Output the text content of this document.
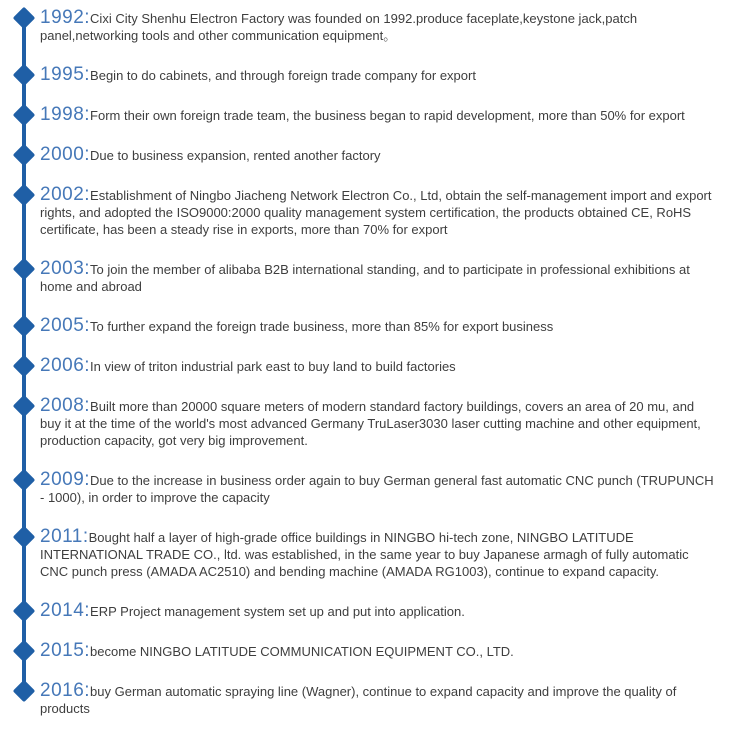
1992:Cixi City Shenhu Electron Factory was founded on 1992.produce faceplate,keystone jack,patch panel,networking tools and other communication equipment。

1995:Begin to do cabinets, and through foreign trade company for export

1998:Form their own foreign trade team, the business began to rapid development, more than 50% for export

2000:Due to business expansion, rented another factory

2002:Establishment of Ningbo Jiacheng Network Electron Co., Ltd, obtain the self-management import and export rights, and adopted the ISO9000:2000 quality management system certification, the products obtained CE, RoHS certificate, has been a steady rise in exports, more than 70% for export

2003:To join the member of alibaba B2B international standing, and to participate in professional exhibitions at home and abroad

2005:To further expand the foreign trade business, more than 85% for export business

2006:In view of triton industrial park east to buy land to build factories

2008:Built more than 20000 square meters of modern standard factory buildings, covers an area of 20 mu, and buy it at the time of the world's most advanced Germany TruLaser3030 laser cutting machine and other equipment, production capacity, got very big improvement.

2009:Due to the increase in business order again to buy German general fast automatic CNC punch (TRUPUNCH - 1000), in order to improve the capacity

2011:Bought half a layer of high-grade office buildings in NINGBO hi-tech zone, NINGBO LATITUDE INTERNATIONAL TRADE CO., ltd. was established, in the same year to buy Japanese armagh of fully automatic CNC punch press (AMADA AC2510) and bending machine (AMADA RG1003), continue to expand capacity.

2014:ERP Project management system set up and put into application.

2015:become NINGBO LATITUDE COMMUNICATION EQUIPMENT CO., LTD.

2016:buy German automatic spraying line (Wagner), continue to expand capacity and improve the quality of products
